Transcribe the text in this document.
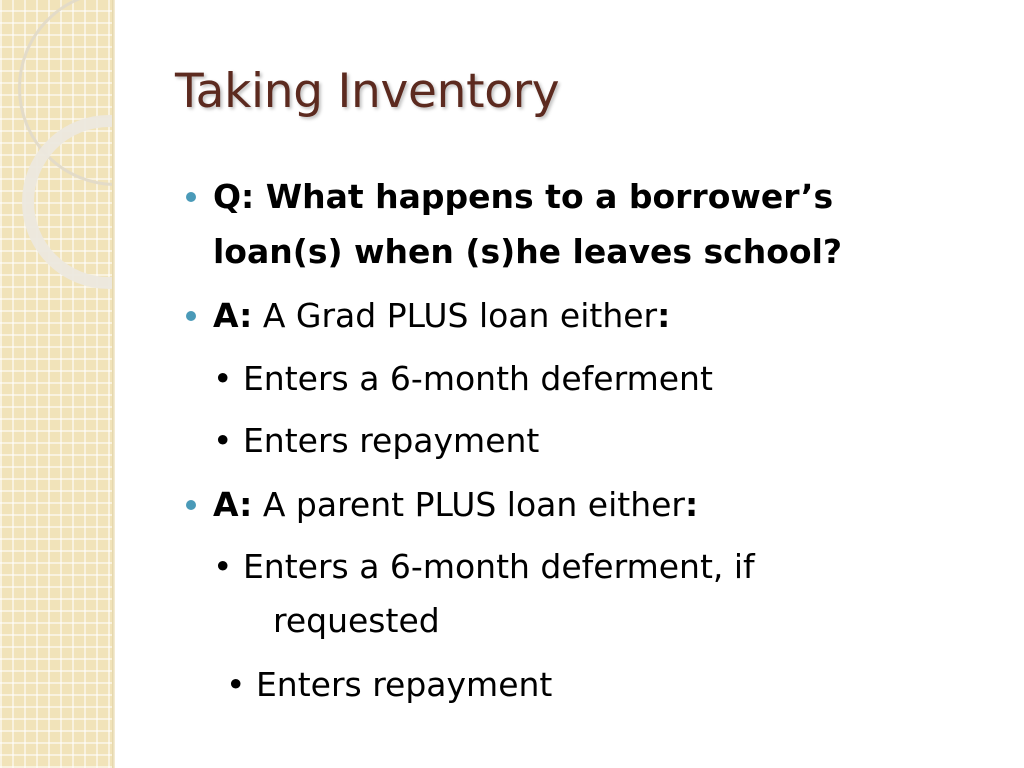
Taking Inventory
Q: What happens to a borrower’s
loan(s) when (s)he leaves school?
A: A Grad PLUS loan either:
• Enters a 6-month deferment
• Enters repayment
A: A parent PLUS loan either:
• Enters a 6-month deferment, if
requested
• Enters repayment
